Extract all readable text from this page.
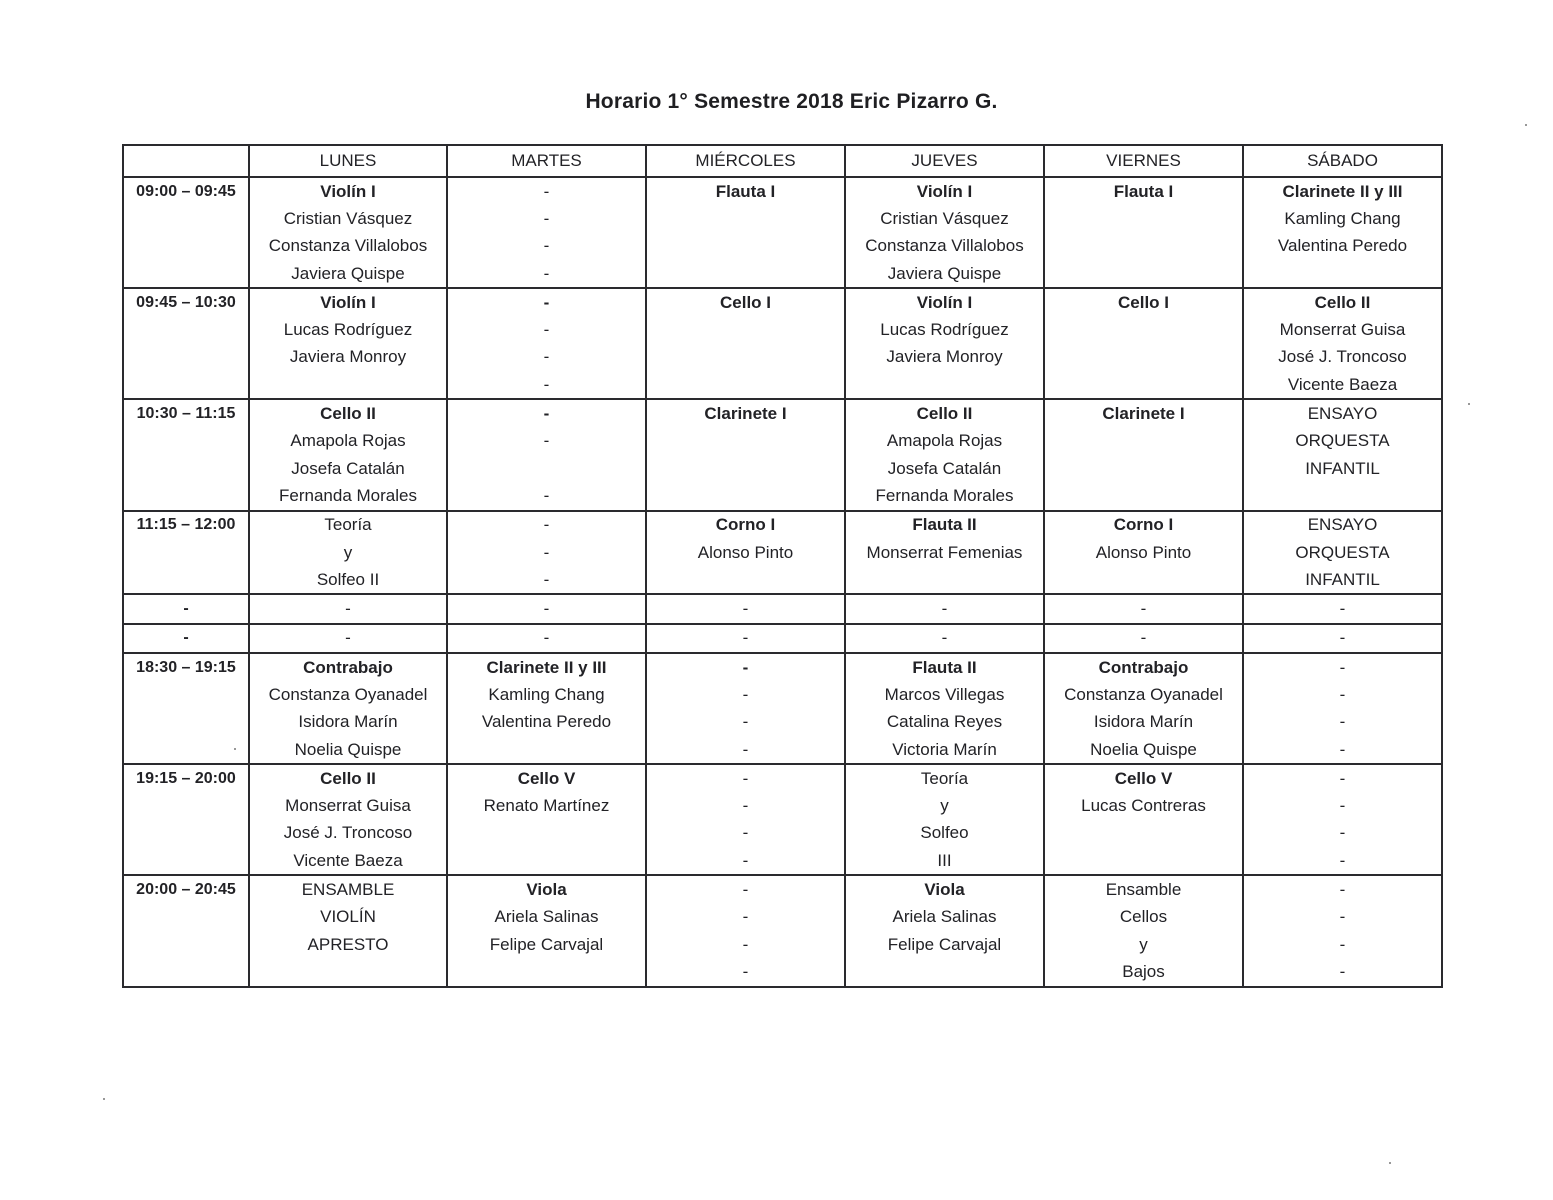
Horario 1° Semestre 2018 Eric Pizarro G.
	LUNES	MARTES	MIÉRCOLES	JUEVES	VIERNES	SÁBADO
09:00 – 09:45	Violín I	-	Flauta I	Violín I	Flauta I	Clarinete II y III
	Cristian Vásquez	-		Cristian Vásquez		Kamling Chang
	Constanza Villalobos	-		Constanza Villalobos		Valentina Peredo
	Javiera Quispe	-		Javiera Quispe		
09:45 – 10:30	Violín I	-	Cello I	Violín I	Cello I	Cello II
	Lucas Rodríguez	-		Lucas Rodríguez		Monserrat Guisa
	Javiera Monroy	-		Javiera Monroy		José J. Troncoso
		-				Vicente Baeza
10:30 – 11:15	Cello II	-	Clarinete I	Cello II	Clarinete I	ENSAYO
	Amapola Rojas	-		Amapola Rojas		ORQUESTA
	Josefa Catalán			Josefa Catalán		INFANTIL
	Fernanda Morales	-		Fernanda Morales		
11:15 – 12:00	Teoría	-	Corno I	Flauta II	Corno I	ENSAYO
	y	-	Alonso Pinto	Monserrat Femenias	Alonso Pinto	ORQUESTA
	Solfeo II	-				INFANTIL
-	-	-	-	-	-	-
-	-	-	-	-	-	-
18:30 – 19:15	Contrabajo	Clarinete II y III	-	Flauta II	Contrabajo	-
	Constanza Oyanadel	Kamling Chang	-	Marcos Villegas	Constanza Oyanadel	-
	Isidora Marín	Valentina Peredo	-	Catalina Reyes	Isidora Marín	-
	Noelia Quispe		-	Victoria Marín	Noelia Quispe	-
19:15 – 20:00	Cello II	Cello V	-	Teoría	Cello V	-
	Monserrat Guisa	Renato Martínez	-	y	Lucas Contreras	-
	José J. Troncoso		-	Solfeo		-
	Vicente Baeza		-	III		-
20:00 – 20:45	ENSAMBLE	Viola	-	Viola	Ensamble	-
	VIOLÍN	Ariela Salinas	-	Ariela Salinas	Cellos	-
	APRESTO	Felipe Carvajal	-	Felipe Carvajal	y	-
			-		Bajos	-
